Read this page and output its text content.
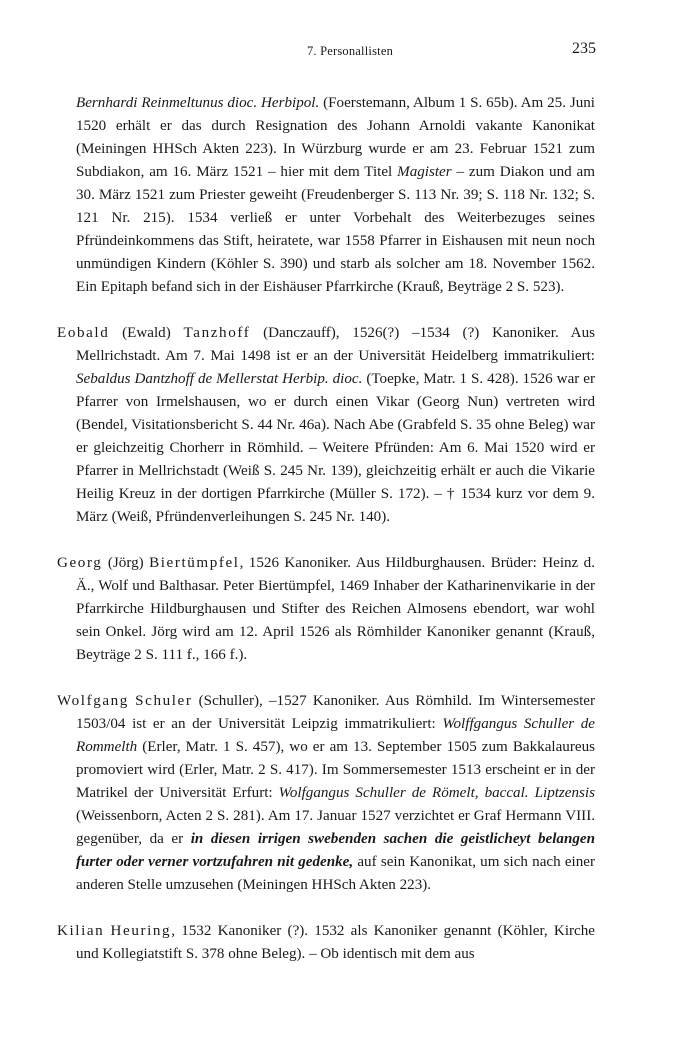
7. Personallisten	235

Bernhardi Reinmeltunus dioc. Herbipol. (Foerstemann, Album 1 S. 65b). Am 25. Juni 1520 erhält er das durch Resignation des Johann Arnoldi vakante Kanonikat (Meiningen HHSch Akten 223). In Würzburg wurde er am 23. Februar 1521 zum Subdiakon, am 16. März 1521 – hier mit dem Titel Magister – zum Diakon und am 30. März 1521 zum Priester geweiht (Freudenberger S. 113 Nr. 39; S. 118 Nr. 132; S. 121 Nr. 215). 1534 verließ er unter Vorbehalt des Weiterbezuges seines Pfründeinkommens das Stift, heiratete, war 1558 Pfarrer in Eishausen mit neun noch unmündigen Kindern (Köhler S. 390) und starb als solcher am 18. November 1562. Ein Epitaph befand sich in der Eishäuser Pfarrkirche (Krauß, Beyträge 2 S. 523).

Eobald (Ewald) Tanzhoff (Danczauff), 1526(?) –1534 (?) Kanoniker. Aus Mellrichstadt. Am 7. Mai 1498 ist er an der Universität Heidelberg immatrikuliert: Sebaldus Dantzhoff de Mellerstat Herbip. dioc. (Toepke, Matr. 1 S. 428). 1526 war er Pfarrer von Irmelshausen, wo er durch einen Vikar (Georg Nun) vertreten wird (Bendel, Visitationsbericht S. 44 Nr. 46a). Nach Abe (Grabfeld S. 35 ohne Beleg) war er gleichzeitig Chorherr in Römhild. – Weitere Pfründen: Am 6. Mai 1520 wird er Pfarrer in Mellrichstadt (Weiß S. 245 Nr. 139), gleichzeitig erhält er auch die Vikarie Heilig Kreuz in der dortigen Pfarrkirche (Müller S. 172). – † 1534 kurz vor dem 9. März (Weiß, Pfründenverleihungen S. 245 Nr. 140).

Georg (Jörg) Biertümpfel, 1526 Kanoniker. Aus Hildburghausen. Brüder: Heinz d. Ä., Wolf und Balthasar. Peter Biertümpfel, 1469 Inhaber der Katharinenvikarie in der Pfarrkirche Hildburghausen und Stifter des Reichen Almosens ebendort, war wohl sein Onkel. Jörg wird am 12. April 1526 als Römhilder Kanoniker genannt (Krauß, Beyträge 2 S. 111 f., 166 f.).

Wolfgang Schuler (Schuller), –1527 Kanoniker. Aus Römhild. Im Wintersemester 1503/04 ist er an der Universität Leipzig immatrikuliert: Wolffgangus Schuller de Rommelth (Erler, Matr. 1 S. 457), wo er am 13. September 1505 zum Bakkalaureus promoviert wird (Erler, Matr. 2 S. 417). Im Sommersemester 1513 erscheint er in der Matrikel der Universität Erfurt: Wolfgangus Schuller de Römelt, baccal. Liptzensis (Weissenborn, Acten 2 S. 281). Am 17. Januar 1527 verzichtet er Graf Hermann VIII. gegenüber, da er in diesen irrigen swebenden sachen die geistlicheyt belangen furter oder verner vortzufahren nit gedenke, auf sein Kanonikat, um sich nach einer anderen Stelle umzusehen (Meiningen HHSch Akten 223).

Kilian Heuring, 1532 Kanoniker (?). 1532 als Kanoniker genannt (Köhler, Kirche und Kollegiatstift S. 378 ohne Beleg). – Ob identisch mit dem aus
